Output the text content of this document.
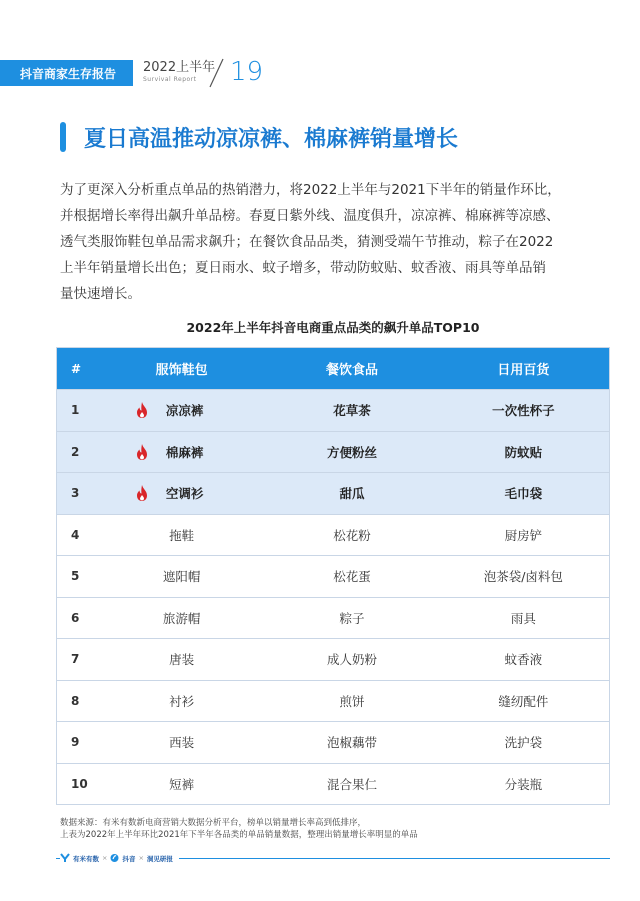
抖音商家生存报告	2022上半年
Survival Report	19
夏日高温推动凉凉裤、棉麻裤销量增长

为了更深入分析重点单品的热销潜力，将2022上半年与2021下半年的销量作环比，

并根据增长率得出飙升单品榜。春夏日紫外线、温度俱升，凉凉裤、棉麻裤等凉感、

透气类服饰鞋包单品需求飙升；在餐饮食品品类，猜测受端午节推动，粽子在2022

上半年销量增长出色；夏日雨水、蚊子增多，带动防蚊贴、蚊香液、雨具等单品销

量快速增长。

2022年上半年抖音电商重点品类的飙升单品TOP10
#	服饰鞋包	餐饮食品	日用百货
1	凉凉裤	花草茶	一次性杯子
2	棉麻裤	方便粉丝	防蚊贴
3	空调衫	甜瓜	毛巾袋
4	拖鞋	松花粉	厨房铲
5	遮阳帽	松花蛋	泡茶袋/卤料包
6	旅游帽	粽子	雨具
7	唐装	成人奶粉	蚊香液
8	衬衫	煎饼	缝纫配件
9	西装	泡椒藕带	洗护袋
10	短裤	混合果仁	分装瓶

数据来源：有米有数新电商营销大数据分析平台，榜单以销量增长率高到低排序，

上表为2022年上半年环比2021年下半年各品类的单品销量数据，整理出销量增长率明显的单品

有米有数 × 抖音 × 洞见研报
